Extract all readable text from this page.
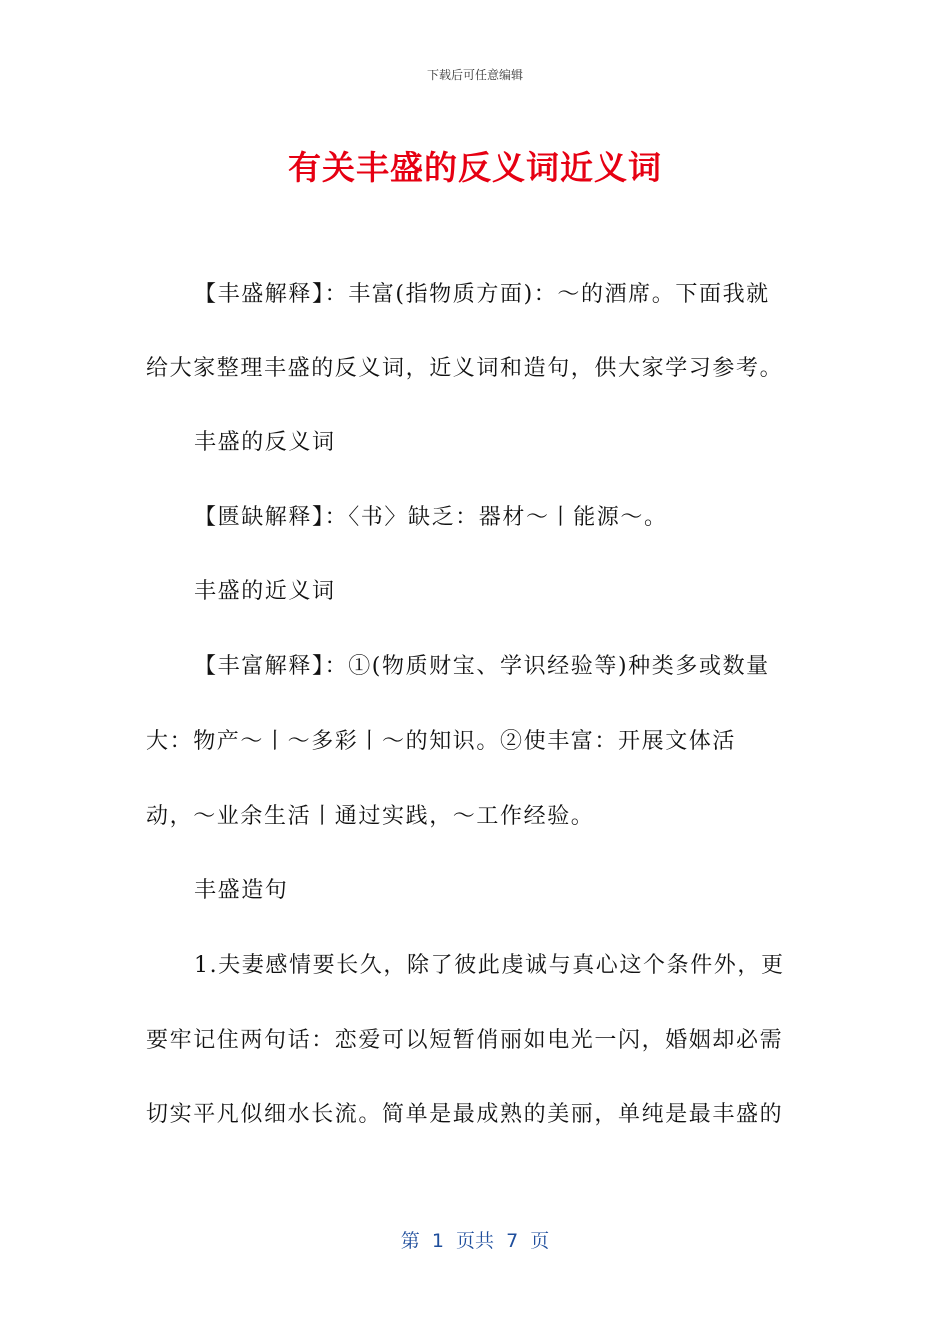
下载后可任意编辑
有关丰盛的反义词近义词
【丰盛解释】：丰富(指物质方面)：～的酒席。下面我就
给大家整理丰盛的反义词，近义词和造句，供大家学习参考。
丰盛的反义词
【匮缺解释】：〈书〉缺乏：器材～丨能源～。
丰盛的近义词
【丰富解释】：①(物质财宝、学识经验等)种类多或数量
大：物产～丨～多彩丨～的知识。②使丰富：开展文体活
动，～业余生活丨通过实践，～工作经验。
丰盛造句
1.夫妻感情要长久，除了彼此虔诚与真心这个条件外，更
要牢记住两句话：恋爱可以短暂俏丽如电光一闪，婚姻却必需
切实平凡似细水长流。简单是最成熟的美丽，单纯是最丰盛的
第  1  页共  7  页
